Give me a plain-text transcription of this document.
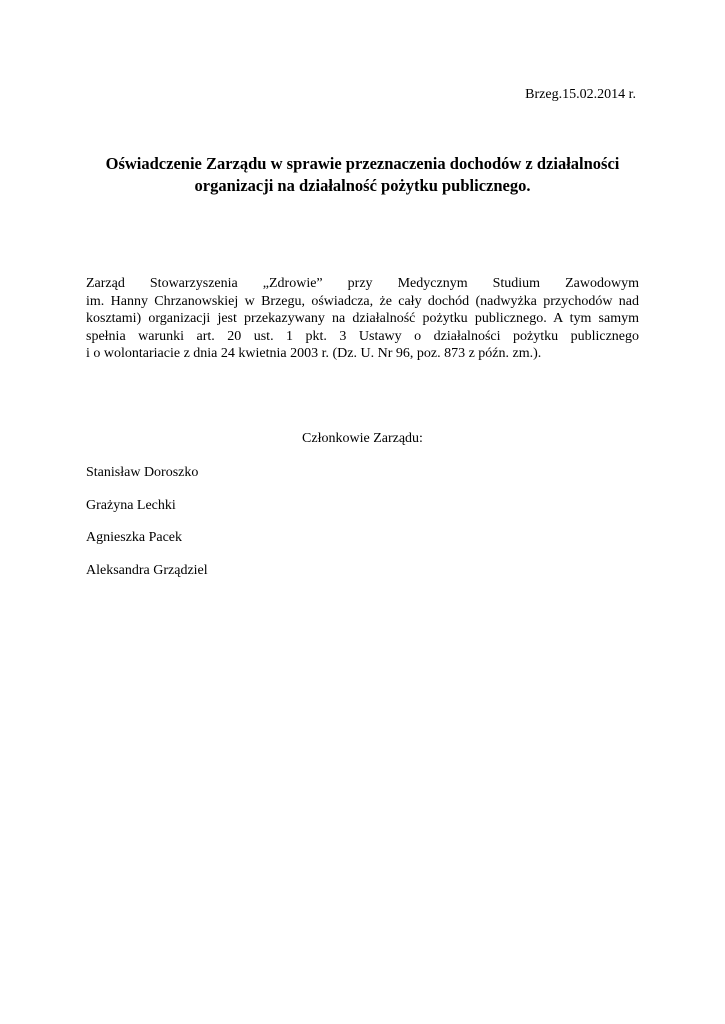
Brzeg.15.02.2014 r.
Oświadczenie Zarządu w sprawie przeznaczenia dochodów z działalności
organizacji na działalność pożytku publicznego.

Zarząd Stowarzyszenia „Zdrowie” przy Medycznym Studium Zawodowym
im. Hanny Chrzanowskiej w Brzegu, oświadcza, że cały dochód (nadwyżka przychodów nad
kosztami) organizacji jest przekazywany na działalność pożytku publicznego. A tym samym
spełnia warunki art. 20 ust. 1 pkt. 3 Ustawy o działalności pożytku publicznego
i o wolontariacie z dnia 24 kwietnia 2003 r. (Dz. U. Nr 96, poz. 873 z późn. zm.).

Członkowie Zarządu:
Stanisław Doroszko
Grażyna Lechki
Agnieszka Pacek
Aleksandra Grządziel
